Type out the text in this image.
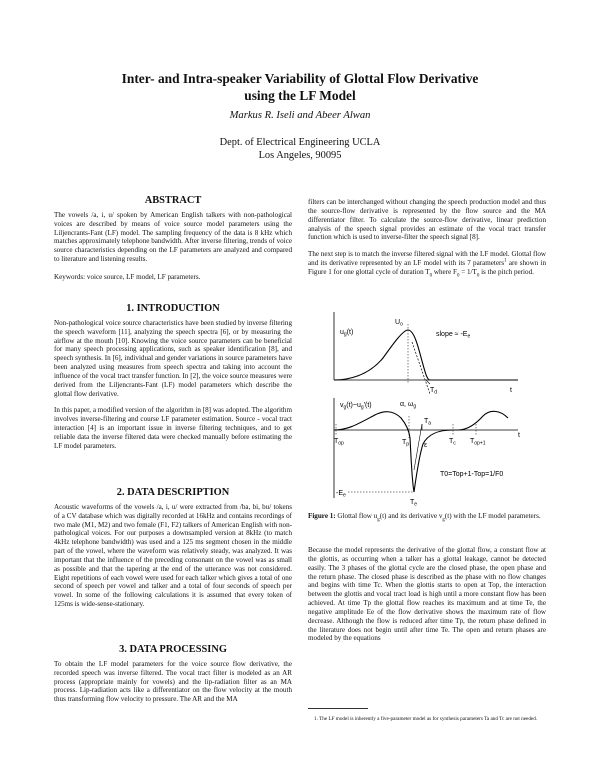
Inter- and Intra-speaker Variability of Glottal Flow Derivative
using the LF Model
Markus R. Iseli and Abeer Alwan
Dept. of Electrical Engineering UCLA
Los Angeles, 90095
ABSTRACT

The vowels /a, i, u/ spoken by American English talkers with non-pathological voices are described by means of voice source model parameters using the Liljencrants-Fant (LF) model. The sampling frequency of the data is 8 kHz which matches approximately telephone bandwidth. After inverse filtering, trends of voice source characteristics depending on the LF parameters are analyzed and compared to literature and listening results.

Keywords: voice source, LF model, LF parameters.

1. INTRODUCTION

Non-pathological voice source characteristics have been studied by inverse filtering the speech waveform [11], analyzing the speech spectra [6], or by measuring the airflow at the mouth [10]. Knowing the voice source parameters can be beneficial for many speech processing applications, such as speaker identification [8], and speech synthesis. In [6], individual and gender variations in source parameters have been analyzed using measures from speech spectra and taking into account the influence of the vocal tract transfer function. In [2], the voice source measures were derived from the Liljencrants-Fant (LF) model parameters which describe the glottal flow derivative.

In this paper, a modified version of the algorithm in [8] was adopted. The algorithm involves inverse-filtering and course LF parameter estimation. Source - vocal tract interaction [4] is an important issue in inverse filtering techniques, and to get reliable data the inverse filtered data were checked manually before estimating the LF model parameters.

2. DATA DESCRIPTION

Acoustic waveforms of the vowels /a, i, u/ were extracted from /ba, bi, bu/ tokens of a CV database which was digitally recorded at 16kHz and contains recordings of two male (M1, M2) and two female (F1, F2) talkers of American English with non-pathological voices. For our purposes a downsampled version at 8kHz (to match 4kHz telephone bandwidth) was used and a 125 ms segment chosen in the middle part of the vowel, where the waveform was relatively steady, was analyzed. It was important that the influence of the preceding consonant on the vowel was as small as possible and that the tapering at the end of the utterance was not considered. Eight repetitions of each vowel were used for each talker which gives a total of one second of speech per vowel and talker and a total of four seconds of speech per vowel. In some of the following calculations it is assumed that every token of 125ms is wide-sense-stationary.

3. DATA PROCESSING

To obtain the LF model parameters for the voice source flow derivative, the recorded speech was inverse filtered. The vocal tract filter is modeled as an AR process (appropriate mainly for vowels) and the lip-radiation filter as an MA process. Lip-radiation acts like a differentiator on the flow velocity at the mouth thus transforming flow velocity to pressure. The AR and the MA

filters can be interchanged without changing the speech production model and thus the source-flow derivative is represented by the flow source and the MA differentiator filter. To calculate the source-flow derivative, linear prediction analysis of the speech signal provides an estimate of the vocal tract transfer function which is used to inverse-filter the speech signal [8].

The next step is to match the inverse filtered signal with the LF model. Glottal flow and its derivative represented by an LF model with its 7 parameters$^1$ are shown in Figure 1 for one glottal cycle of duration $T_0$ where $F_0 = 1/T_0$ is the pitch period.

$u_g(t)$
$U_o$
slope ≈ $-E_e$
$T_d$	t
$v_g(t)\sim u_g'(t)$	α, $\omega_g$
$T_a$
$T_{op}$	$T_p$ ε
$T_c$ $T_{op+1}$
t
T0=Top+1-Top=1/F0
$-E_e$
$T_e$
Figure 1: Glottal flow $u_g(t)$ and its derivative $v_g(t)$ with the LF model parameters.

Because the model represents the derivative of the glottal flow, a constant flow at the glottis, as occurring when a talker has a glottal leakage, cannot be detected easily. The 3 phases of the glottal cycle are the closed phase, the open phase and the return phase. The closed phase is described as the phase with no flow changes and begins with time Tc. When the glottis starts to open at Top, the interaction between the glottis and vocal tract load is high until a more constant flow has been achieved. At time Tp the glottal flow reaches its maximum and at time Te, the negative amplitude Ee of the flow derivative shows the maximum rate of flow decrease. Although the flow is reduced after time Tp, the return phase defined in the literature does not begin until after time Te. The open and return phases are modeled by the equations

1. The LF model is inherently a five-parameter model as for synthesis parameters Ta and Tc are not needed.
